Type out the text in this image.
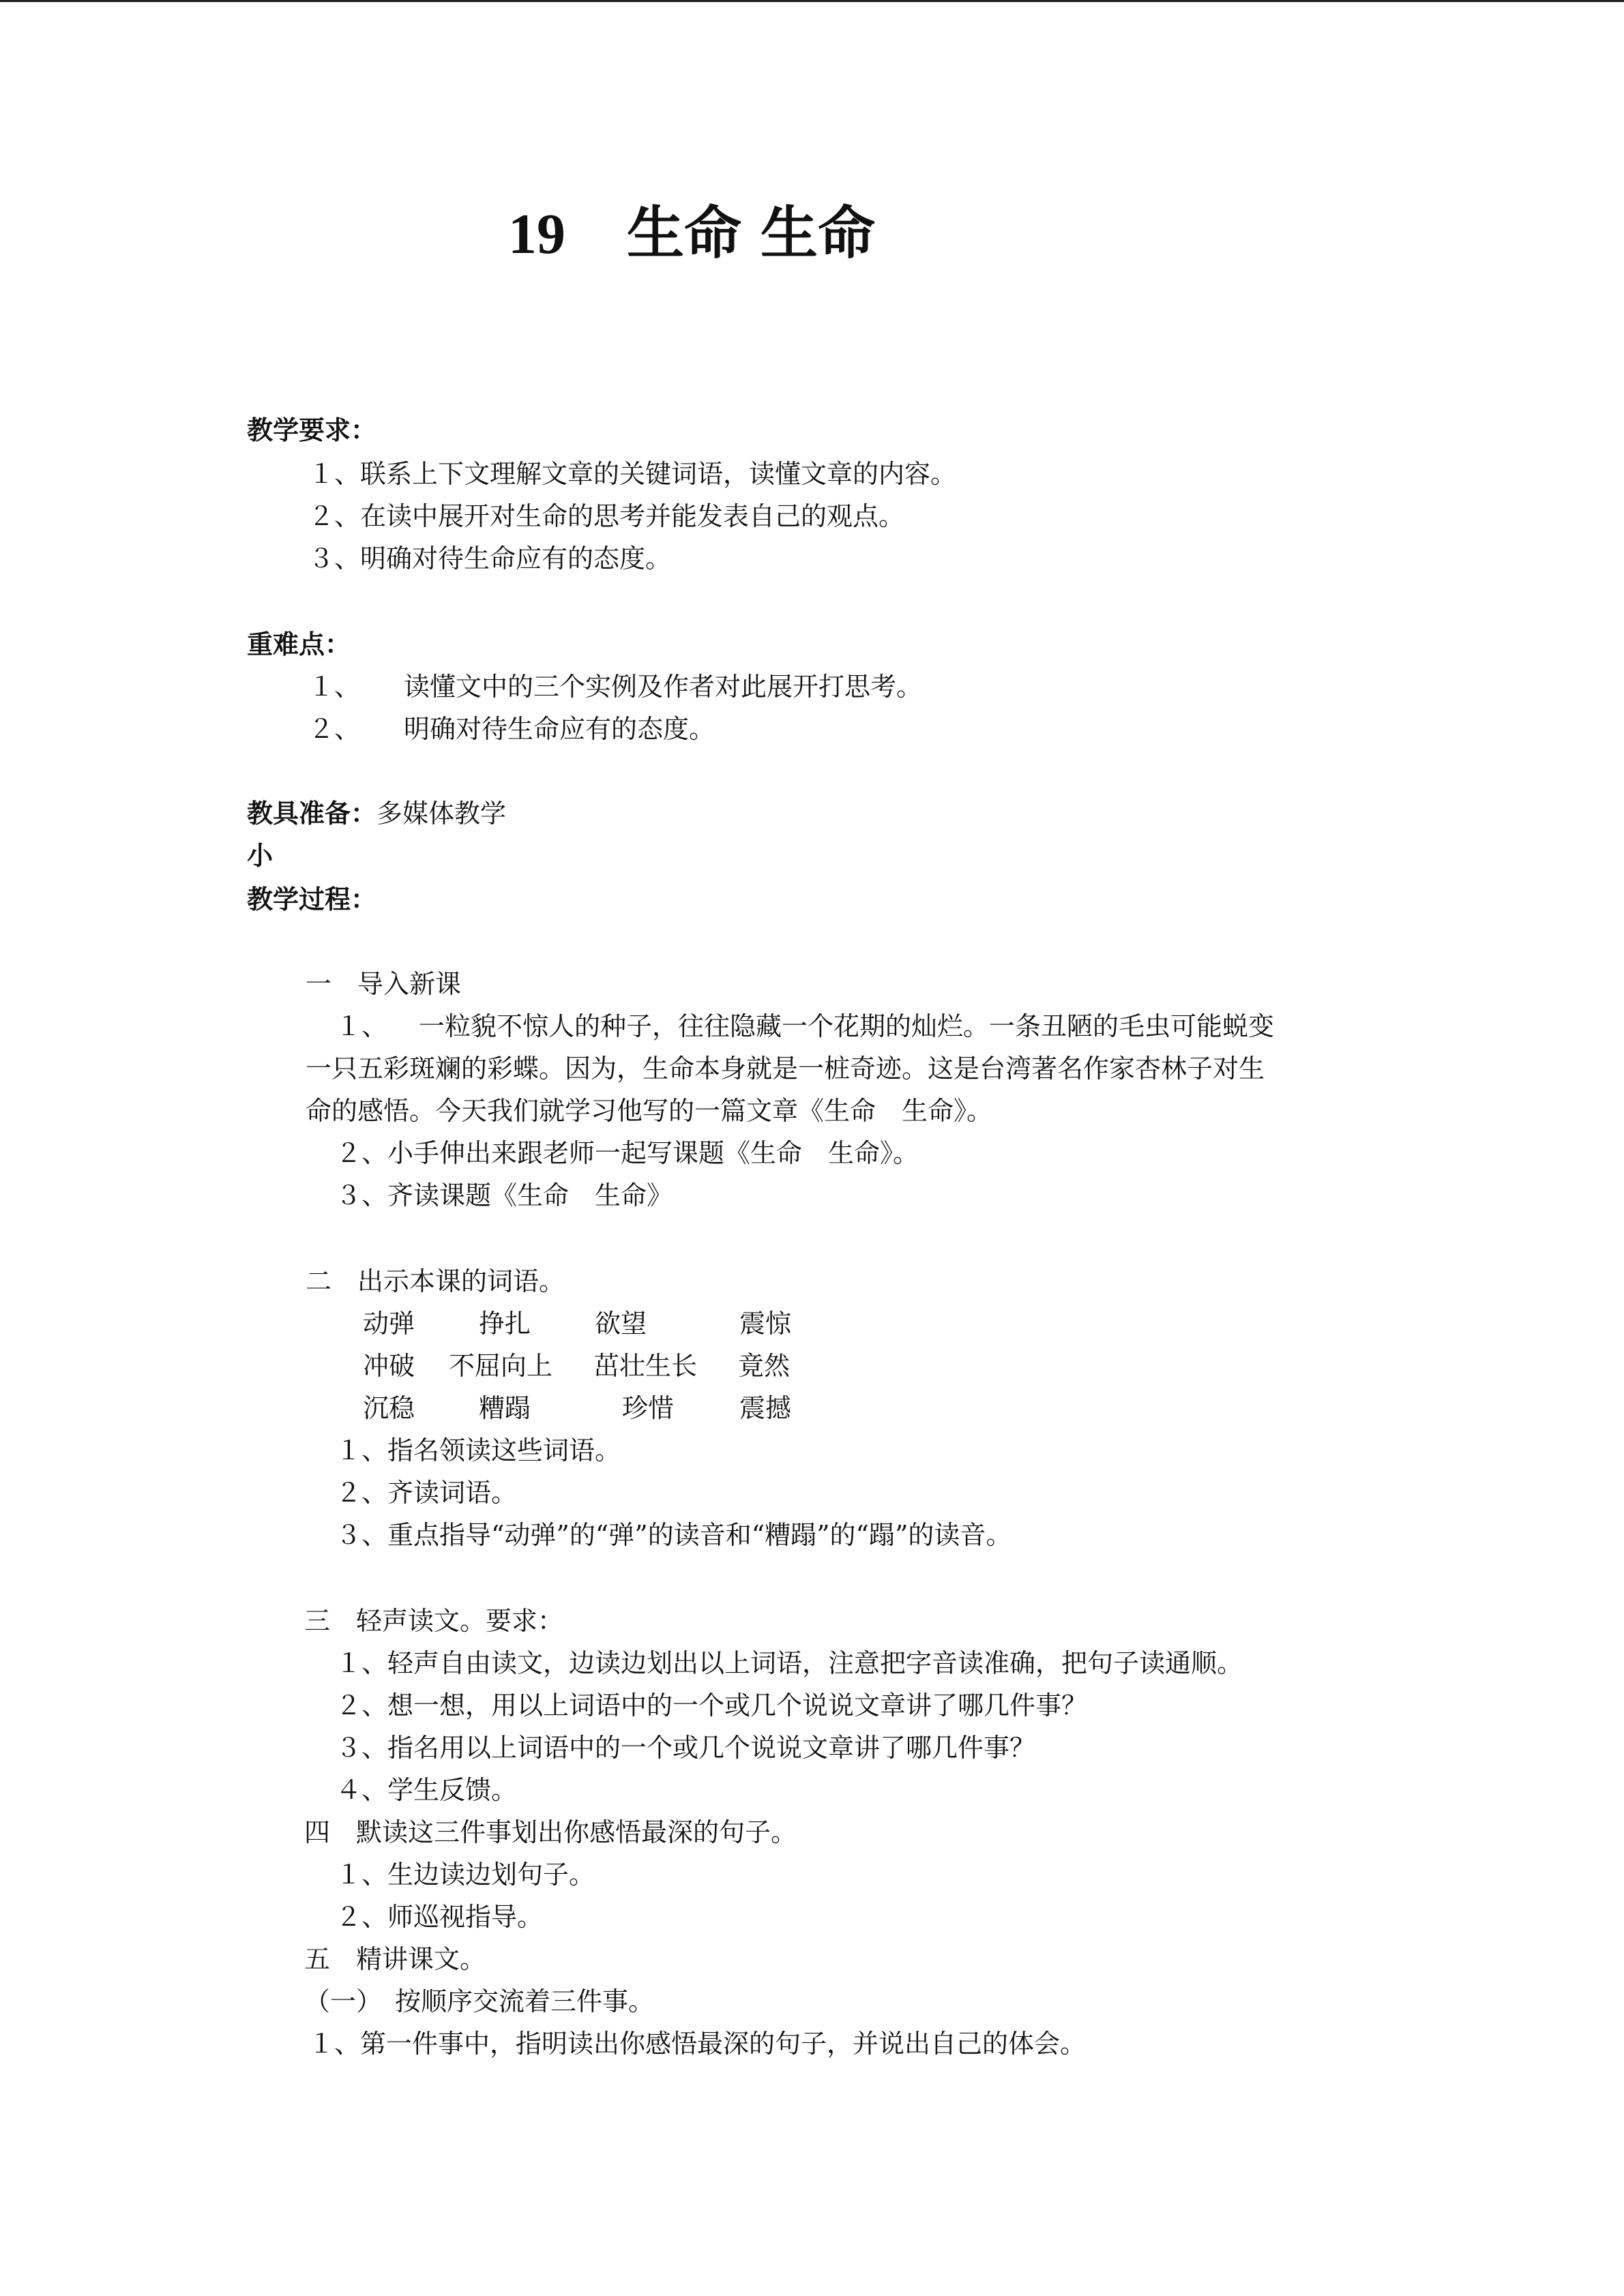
19 生命 生命
教学要求：
１、联系上下文理解文章的关键词语，读懂文章的内容。
２、在读中展开对生命的思考并能发表自己的观点。
３、明确对待生命应有的态度。
重难点：
１、 读懂文中的三个实例及作者对此展开打思考。
２、 明确对待生命应有的态度。
教具准备：多媒体教学
小
教学过程：
一　导入新课
１、 一粒貌不惊人的种子，往往隐藏一个花期的灿烂。一条丑陋的毛虫可能蜕变
一只五彩斑斓的彩蝶。因为，生命本身就是一桩奇迹。这是台湾著名作家杏林子对生
命的感悟。今天我们就学习他写的一篇文章《生命　生命》。
２、小手伸出来跟老师一起写课题《生命　生命》。
３、齐读课题《生命　生命》
二　出示本课的词语。
动弹 挣扎 欲望	震惊
冲破 不屈向上 茁壮生长 竟然
沉稳 糟蹋	珍惜	震撼
１、指名领读这些词语。
２、齐读词语。
３、重点指导“动弹”的“弹”的读音和“糟蹋”的“蹋”的读音。
三　轻声读文。要求：
１、轻声自由读文，边读边划出以上词语，注意把字音读准确，把句子读通顺。
２、想一想，用以上词语中的一个或几个说说文章讲了哪几件事？
３、指名用以上词语中的一个或几个说说文章讲了哪几件事？
４、学生反馈。
四　默读这三件事划出你感悟最深的句子。
１、生边读边划句子。
２、师巡视指导。
五　精讲课文。
（一）　按顺序交流着三件事。
１、第一件事中，指明读出你感悟最深的句子，并说出自己的体会。
